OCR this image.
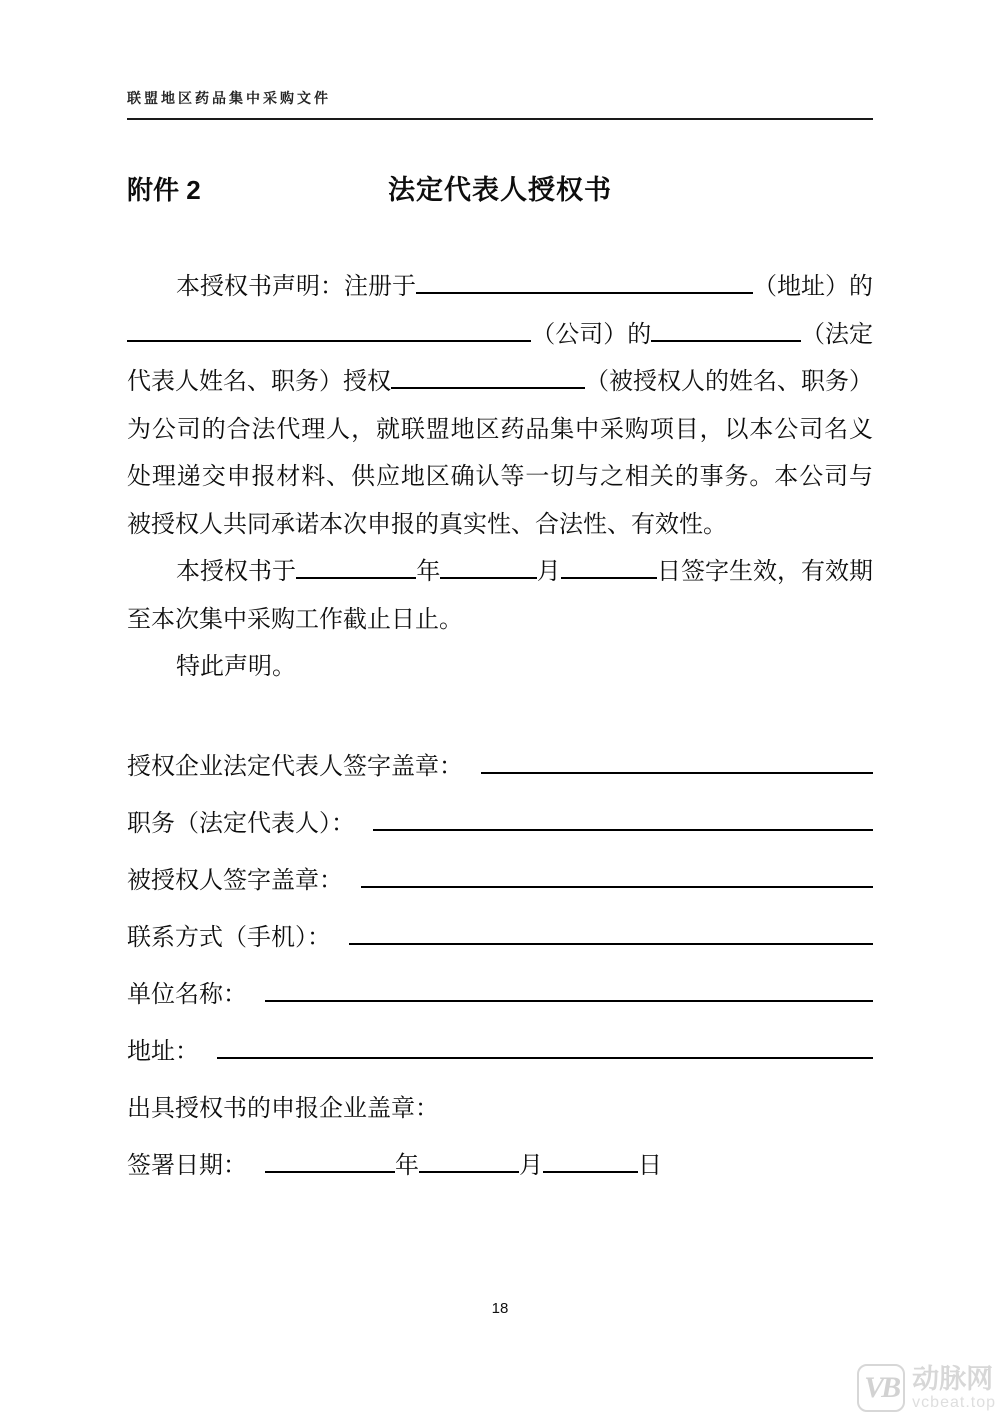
联盟地区药品集中采购文件
附件 2	法定代表人授权书
本授权书声明：注册于	（地址）的
（公司）的	（法定
代表人姓名、职务）授权	（被授权人的姓名、职务）
为公司的合法代理人，就联盟地区药品集中采购项目，以本公司名义
处理递交申报材料、供应地区确认等一切与之相关的事务。本公司与
被授权人共同承诺本次申报的真实性、合法性、有效性。
本授权书于	年	月	日签字生效，有效期
至本次集中采购工作截止日止。
特此声明。
授权企业法定代表人签字盖章：
职务（法定代表人）：
被授权人签字盖章：
联系方式（手机）：
单位名称：
地址：
出具授权书的申报企业盖章：
签署日期：	年	月	日
18
VB 动脉网
vcbeat.top
